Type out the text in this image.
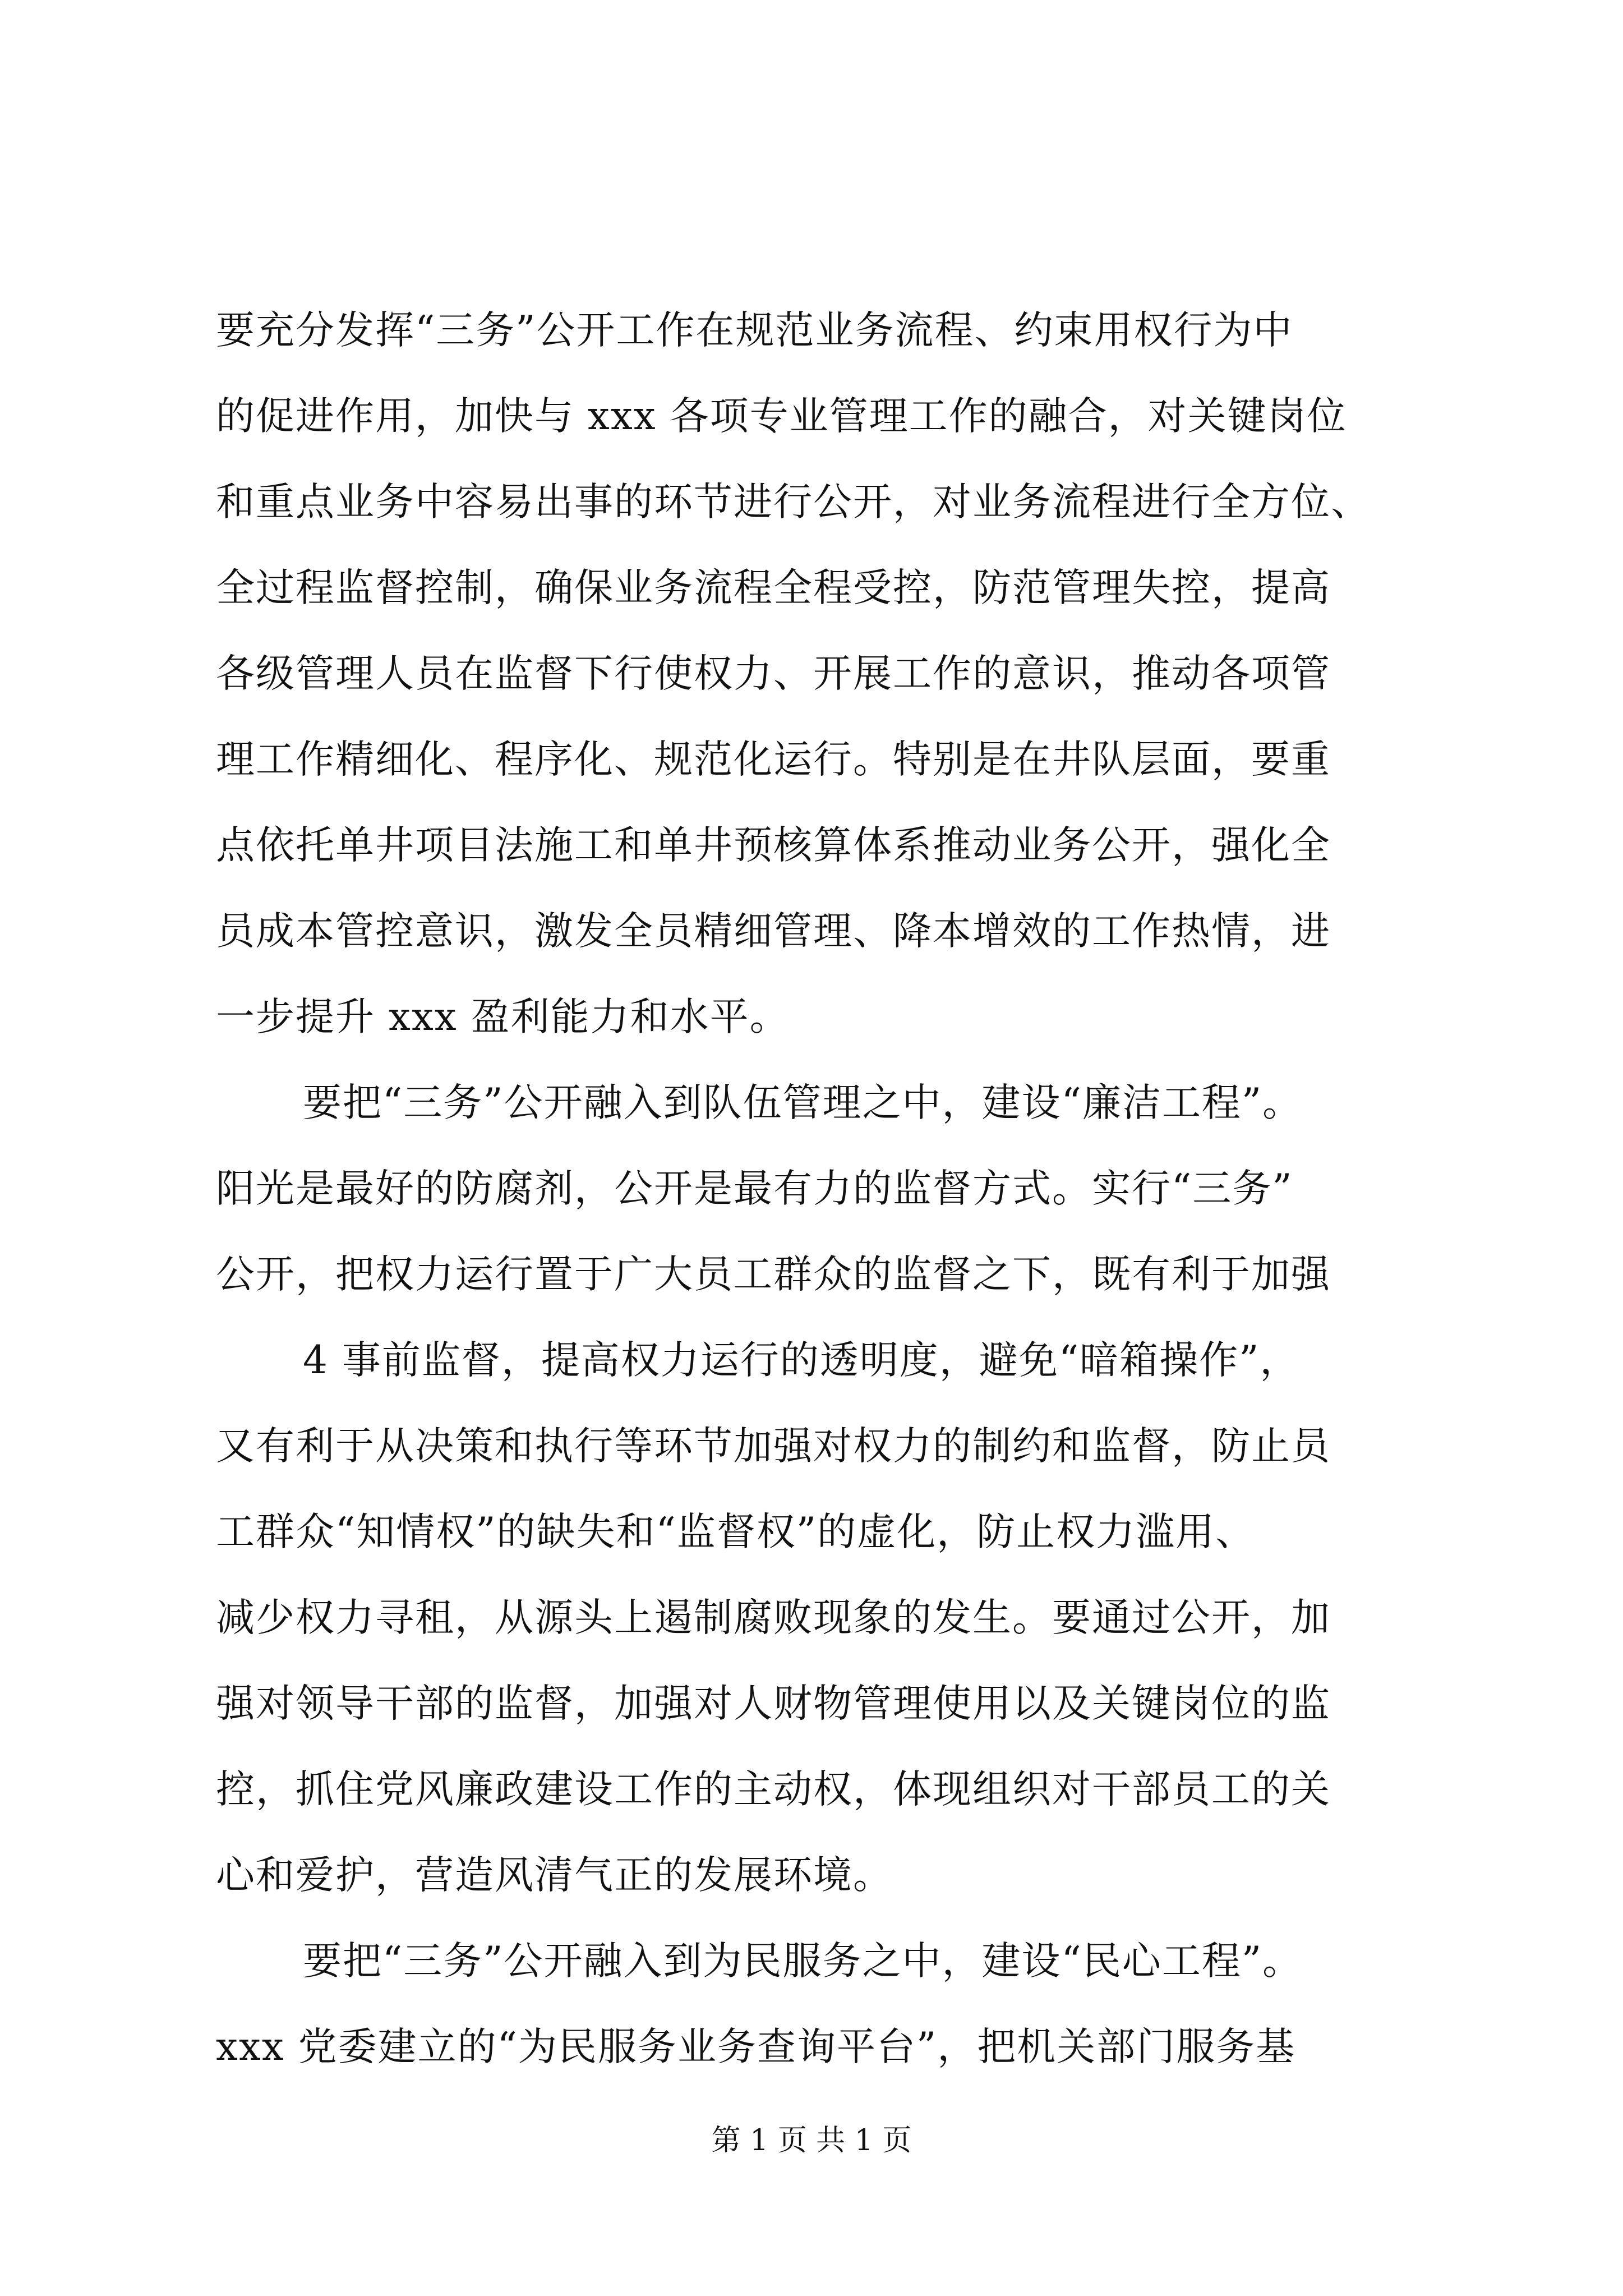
要充分发挥“三务”公开工作在规范业务流程、约束用权行为中
的促进作用，加快与 xxx 各项专业管理工作的融合，对关键岗位
和重点业务中容易出事的环节进行公开，对业务流程进行全方位、
全过程监督控制，确保业务流程全程受控，防范管理失控，提高
各级管理人员在监督下行使权力、开展工作的意识，推动各项管
理工作精细化、程序化、规范化运行。特别是在井队层面，要重
点依托单井项目法施工和单井预核算体系推动业务公开，强化全
员成本管控意识，激发全员精细管理、降本增效的工作热情，进
一步提升 xxx 盈利能力和水平。
要把“三务”公开融入到队伍管理之中，建设“廉洁工程”。
阳光是最好的防腐剂，公开是最有力的监督方式。实行“三务”
公开，把权力运行置于广大员工群众的监督之下，既有利于加强
4 事前监督，提高权力运行的透明度，避免“暗箱操作”，
又有利于从决策和执行等环节加强对权力的制约和监督，防止员
工群众“知情权”的缺失和“监督权”的虚化，防止权力滥用、
减少权力寻租，从源头上遏制腐败现象的发生。要通过公开，加
强对领导干部的监督，加强对人财物管理使用以及关键岗位的监
控，抓住党风廉政建设工作的主动权，体现组织对干部员工的关
心和爱护，营造风清气正的发展环境。
要把“三务”公开融入到为民服务之中，建设“民心工程”。
xxx 党委建立的“为民服务业务查询平台”，把机关部门服务基
第 1 页 共 1 页
